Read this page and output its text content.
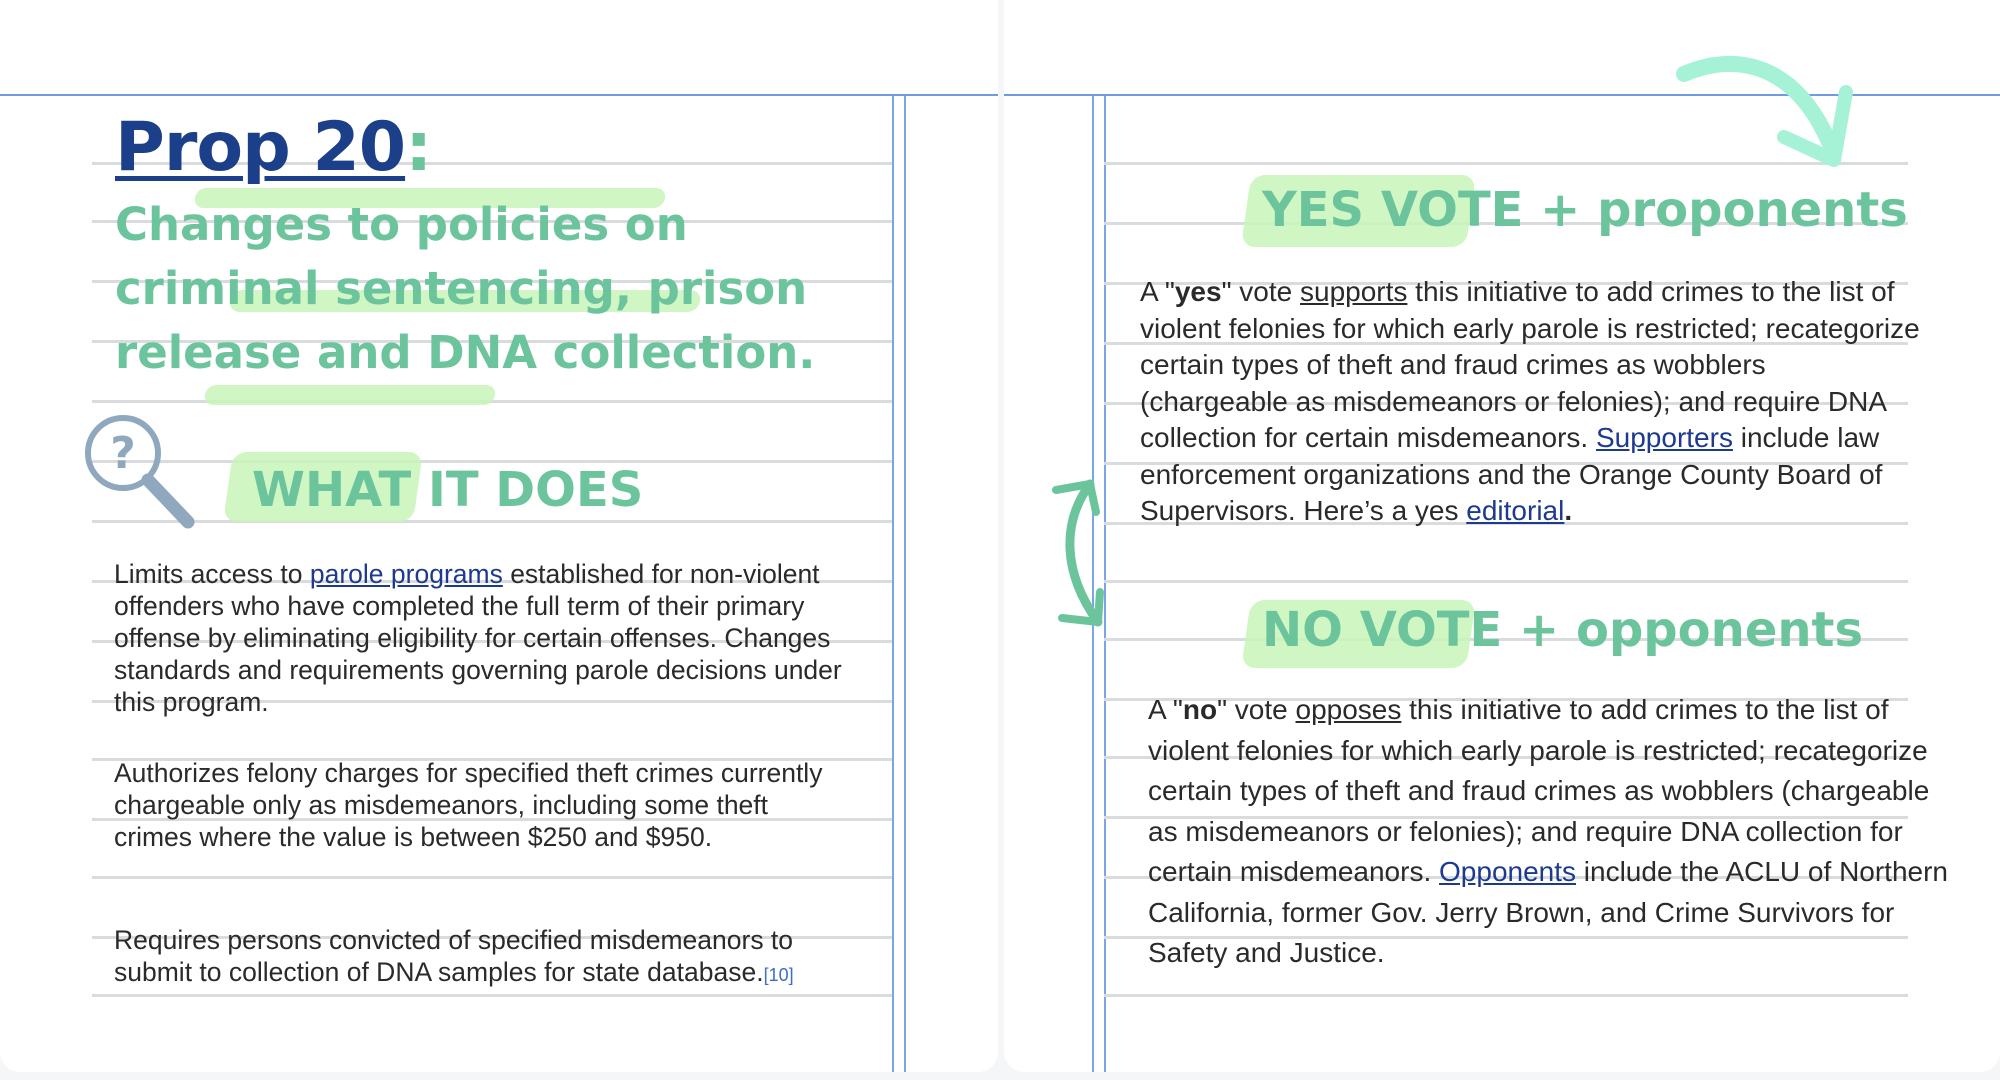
Prop 20:
Changes to policies on criminal sentencing, prison release and DNA collection.
?
WHAT IT DOES

Limits access to parole programs established for non-violent offenders who have completed the full term of their primary offense by eliminating eligibility for certain offenses. Changes standards and requirements governing parole decisions under this program.

Authorizes felony charges for specified theft crimes currently chargeable only as misdemeanors, including some theft crimes where the value is between $250 and $950.

Requires persons convicted of specified misdemeanors to submit to collection of DNA samples for state database.[10]

YES VOTE + proponents
A "yes" vote supports this initiative to add crimes to the list of violent felonies for which early parole is restricted; recategorize certain types of theft and fraud crimes as wobblers (chargeable as misdemeanors or felonies); and require DNA collection for certain misdemeanors. Supporters include law enforcement organizations and the Orange County Board of Supervisors. Here’s a yes editorial.
NO VOTE + opponents
A "no" vote opposes this initiative to add crimes to the list of violent felonies for which early parole is restricted; recategorize certain types of theft and fraud crimes as wobblers (chargeable as misdemeanors or felonies); and require DNA collection for certain misdemeanors. Opponents include the ACLU of Northern California, former Gov. Jerry Brown, and Crime Survivors for Safety and Justice.
